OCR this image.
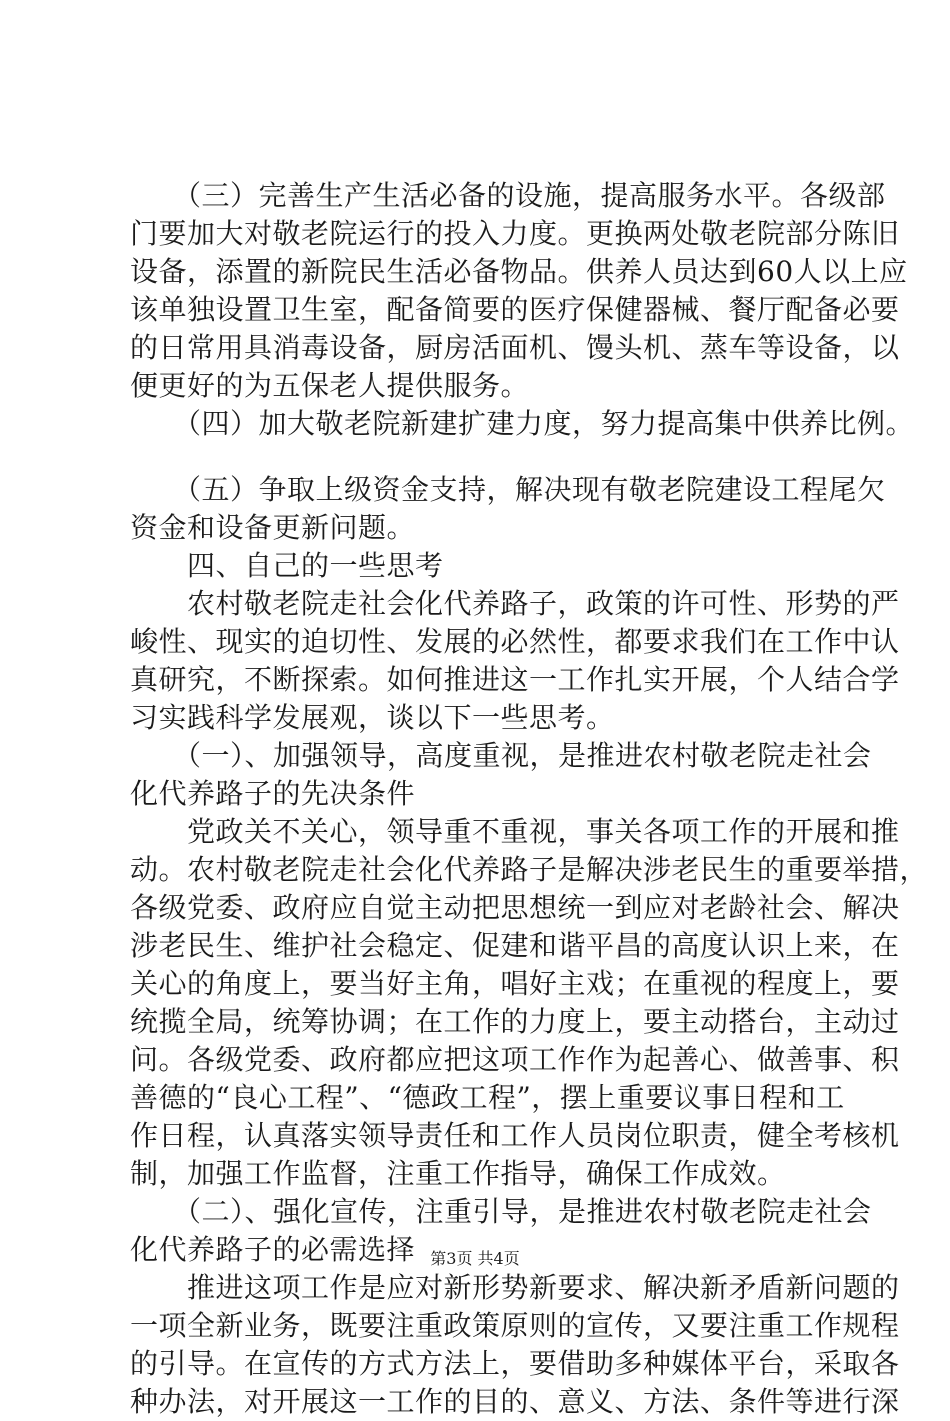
　　（三）完善生产生活必备的设施，提高服务水平。各级部
门要加大对敬老院运行的投入力度。更换两处敬老院部分陈旧
设备，添置的新院民生活必备物品。供养人员达到60人以上应
该单独设置卫生室，配备简要的医疗保健器械、餐厅配备必要
的日常用具消毒设备，厨房活面机、馒头机、蒸车等设备，以
便更好的为五保老人提供服务。
　　（四）加大敬老院新建扩建力度，努力提高集中供养比例。
　　（五）争取上级资金支持，解决现有敬老院建设工程尾欠
资金和设备更新问题。
　　四、自己的一些思考
　　农村敬老院走社会化代养路子，政策的许可性、形势的严
峻性、现实的迫切性、发展的必然性，都要求我们在工作中认
真研究，不断探索。如何推进这一工作扎实开展，个人结合学
习实践科学发展观，谈以下一些思考。
　　（一）、加强领导，高度重视，是推进农村敬老院走社会
化代养路子的先决条件
　　党政关不关心，领导重不重视，事关各项工作的开展和推
动。农村敬老院走社会化代养路子是解决涉老民生的重要举措，
各级党委、政府应自觉主动把思想统一到应对老龄社会、解决
涉老民生、维护社会稳定、促建和谐平昌的高度认识上来，在
关心的角度上，要当好主角，唱好主戏；在重视的程度上，要
统揽全局，统筹协调；在工作的力度上，要主动搭台，主动过
问。各级党委、政府都应把这项工作作为起善心、做善事、积
善德的“良心工程”、“德政工程”，摆上重要议事日程和工
作日程，认真落实领导责任和工作人员岗位职责，健全考核机
制，加强工作监督，注重工作指导，确保工作成效。
　　（二）、强化宣传，注重引导，是推进农村敬老院走社会
化代养路子的必需选择
　　推进这项工作是应对新形势新要求、解决新矛盾新问题的
一项全新业务，既要注重政策原则的宣传，又要注重工作规程
的引导。在宣传的方式方法上，要借助多种媒体平台，采取各
种办法，对开展这一工作的目的、意义、方法、条件等进行深
第3页 共4页
